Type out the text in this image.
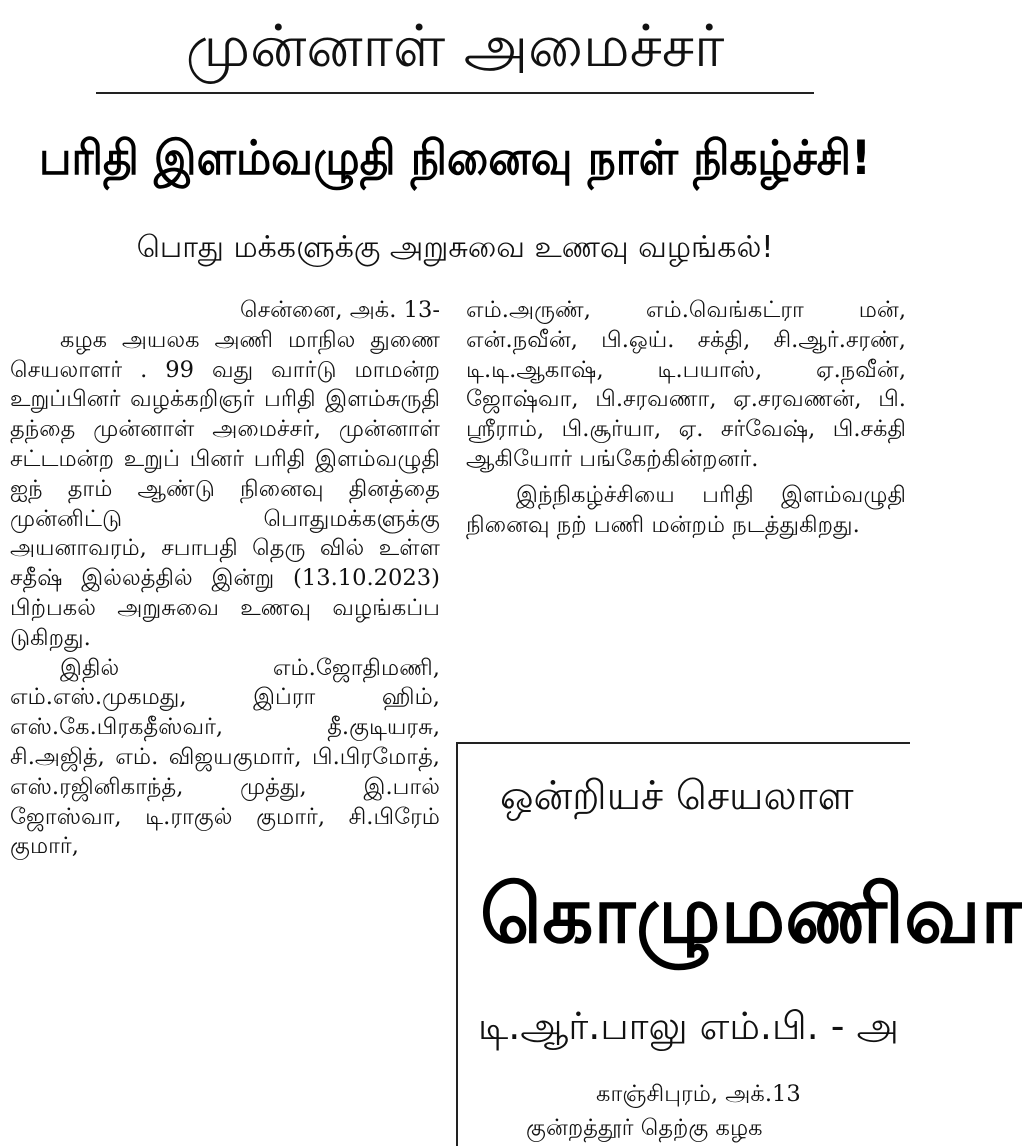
முன்னாள் அமைச்சர்
பரிதி இளம்வழுதி நினைவு நாள் நிகழ்ச்சி!
பொது மக்களுக்கு அறுசுவை உணவு வழங்கல்!

சென்னை, அக். 13-

கழக அயலக அணி மாநில துணை செயலாளர் . 99 வது வார்டு மாமன்ற உறுப்பினர் வழக்கறிஞர் பரிதி இளம்சுருதி தந்தை முன்னாள் அமைச்சர், முன்னாள் சட்டமன்ற உறுப் பினர் பரிதி இளம்வழுதி ஐந் தாம் ஆண்டு நினைவு தினத்தை முன்னிட்டு பொதுமக்களுக்கு அயனாவரம், சபாபதி தெரு வில் உள்ள சதீஷ் இல்லத்தில் இன்று (13.10.2023) பிற்பகல் அறுசுவை உணவு வழங்கப்ப டுகிறது.

இதில் எம்.ஜோதிமணி, எம்.எஸ்.முகமது, இப்ரா ஹிம், எஸ்.கே.பிரகதீஸ்வர், தீ.குடியரசு, சி.அஜித், எம். விஜயகுமார், பி.பிரமோத், எஸ்.ரஜினிகாந்த், முத்து, இ.பால் ஜோஸ்வா, டி.ராகுல் குமார், சி.பிரேம் குமார்,

எம்.அருண், எம்.வெங்கட்ரா மன், என்.நவீன், பி.ஒய். சக்தி, சி.ஆர்.சரண், டி.டி.ஆகாஷ், டி.பயாஸ், ஏ.நவீன், ஜோஷ்வா, பி.சரவணா, ஏ.சரவணன், பி. ஸ்ரீராம், பி.சூர்யா, ஏ. சர்வேஷ், பி.சக்தி ஆகியோர் பங்கேற்கின்றனர்.

இந்நிகழ்ச்சியை பரிதி இளம்வழுதி நினைவு நற் பணி மன்றம் நடத்துகிறது.

ஒன்றியச் செயலாள
கொழுமணிவா
டி.ஆர்.பாலு எம்.பி. - அ
காஞ்சிபுரம், அக்.13
குன்றத்தூர் தெற்கு கழக
